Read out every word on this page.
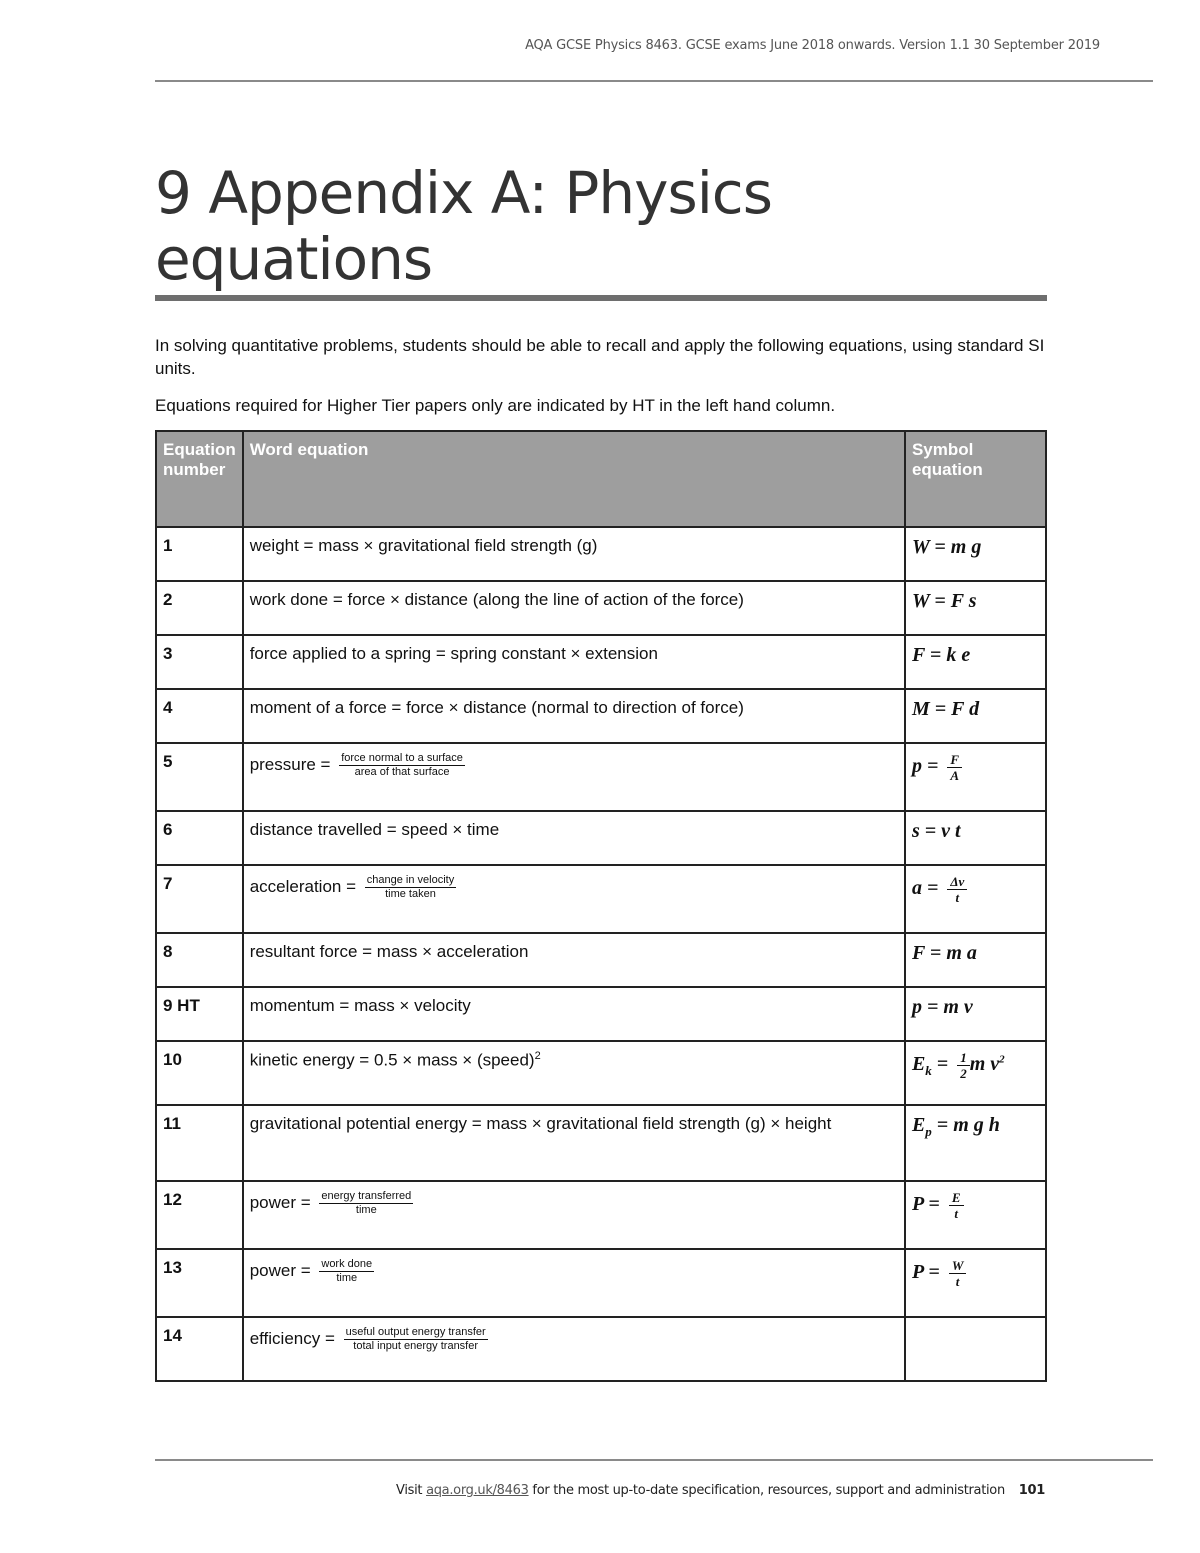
AQA GCSE Physics 8463. GCSE exams June 2018 onwards. Version 1.1 30 September 2019
9 Appendix A: Physics equations

In solving quantitative problems, students should be able to recall and apply the following equations, using standard SI units.

Equations required for Higher Tier papers only are indicated by HT in the left hand column.

Equation number	Word equation	Symbol equation
1	weight = mass × gravitational field strength (g)	W = m g
2	work done = force × distance (along the line of action of the force)	W = F s
3	force applied to a spring = spring constant × extension	F = k e
4	moment of a force = force × distance (normal to direction of force)	M = F d
5	pressure = $\frac{\text{force normal to a surface}}{\text{area of that surface}}$	$p = \frac{F}{A}$

6	distance travelled = speed × time	s = v t
7	acceleration = $\frac{\text{change in velocity}}{\text{time taken}}$	$a = \frac{\Delta v}{t}$

8	resultant force = mass × acceleration	F = m a
9 HT	momentum = mass × velocity	p = m v
10	kinetic energy = 0.5 × mass × (speed)$^2$	$E_k = \frac{1}{2}$ m $v^2$
11	gravitational potential energy = mass × gravitational field strength (g) × height	$E_p = m$ g h
12	power = $\frac{\text{energy transferred}}{\text{time}}$	$P = \frac{E}{t}$

13	power = $\frac{\text{work done}}{\text{time}}$	$P = \frac{W}{t}$

14	efficiency = $\frac{\text{useful output energy transfer}}{\text{total input energy transfer}}$

Visit aqa.org.uk/8463 for the most up-to-date specification, resources, support and administration 101
